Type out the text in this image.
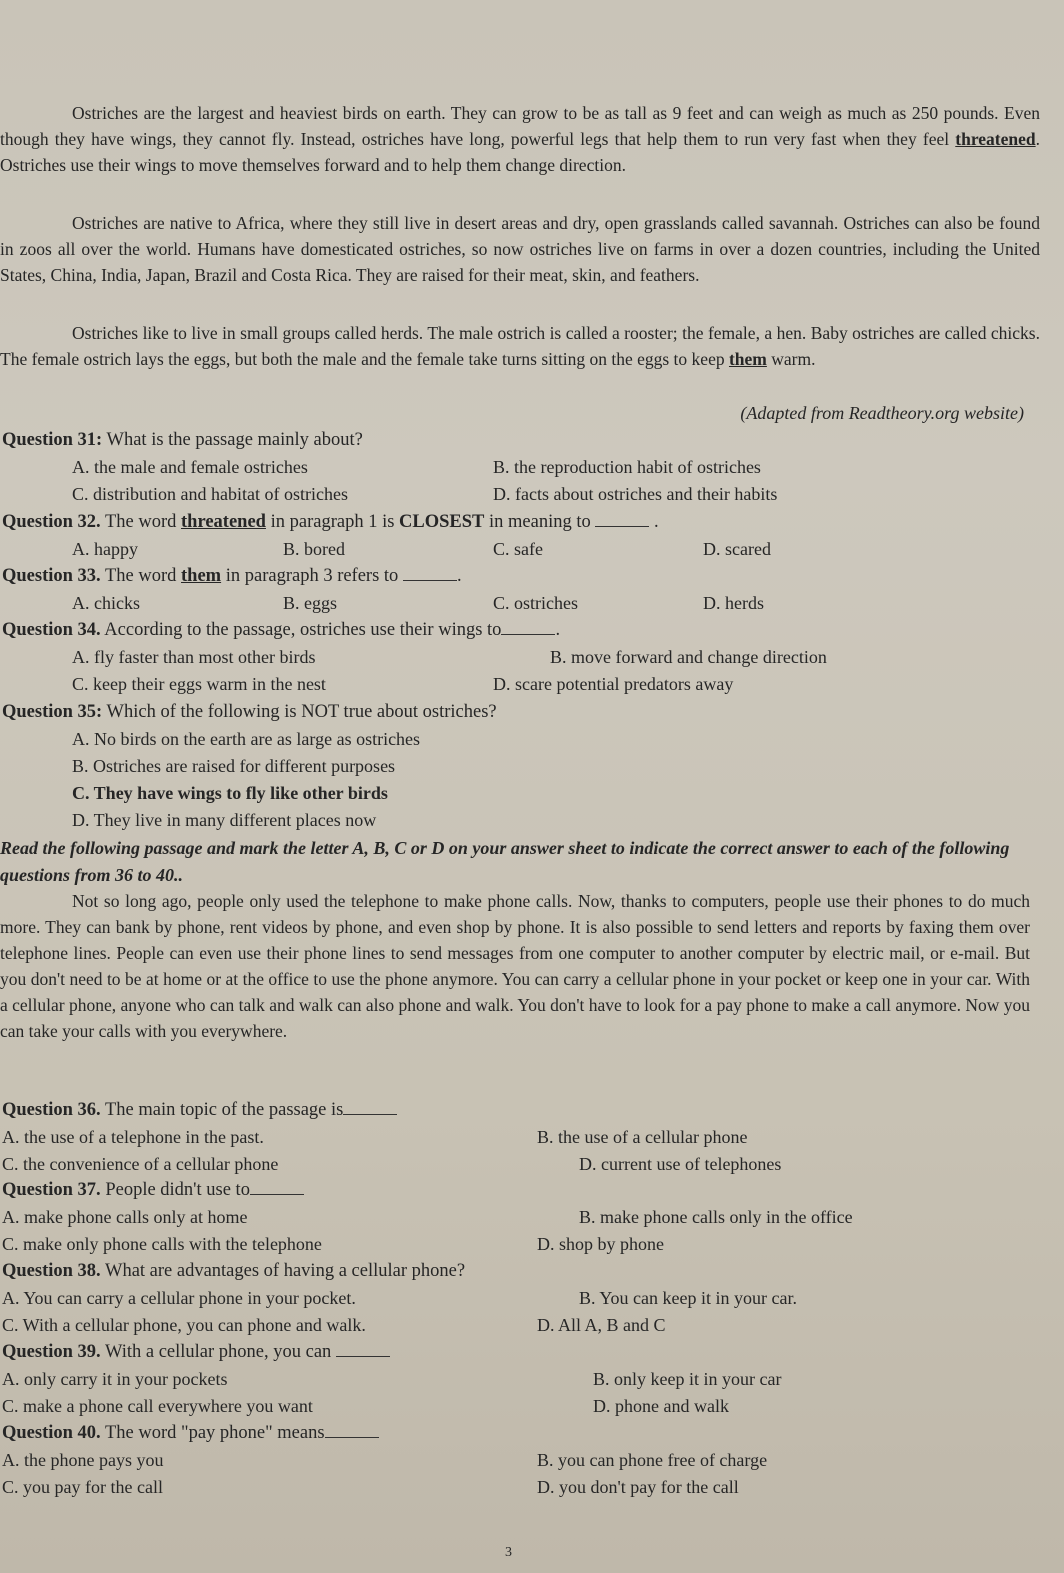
Ostriches are the largest and heaviest birds on earth. They can grow to be as tall as 9 feet and can weigh as much as 250 pounds. Even though they have wings, they cannot fly. Instead, ostriches have long, powerful legs that help them to run very fast when they feel threatened. Ostriches use their wings to move themselves forward and to help them change direction.
Ostriches are native to Africa, where they still live in desert areas and dry, open grasslands called savannah. Ostriches can also be found in zoos all over the world. Humans have domesticated ostriches, so now ostriches live on farms in over a dozen countries, including the United States, China, India, Japan, Brazil and Costa Rica. They are raised for their meat, skin, and feathers.
Ostriches like to live in small groups called herds. The male ostrich is called a rooster; the female, a hen. Baby ostriches are called chicks. The female ostrich lays the eggs, but both the male and the female take turns sitting on the eggs to keep them warm.
(Adapted from Readtheory.org website)
Question 31: What is the passage mainly about?
A. the male and female ostriches	B. the reproduction habit of ostriches
C. distribution and habitat of ostriches	D. facts about ostriches and their habits
Question 32. The word threatened in paragraph 1 is CLOSEST in meaning to	.
A. happy	B. bored	C. safe	D. scared
Question 33. The word them in paragraph 3 refers to	.
A. chicks	B. eggs	C. ostriches	D. herds
Question 34. According to the passage, ostriches use their wings to	.
A. fly faster than most other birds	B. move forward and change direction
C. keep their eggs warm in the nest	D. scare potential predators away
Question 35: Which of the following is NOT true about ostriches?
A. No birds on the earth are as large as ostriches
B. Ostriches are raised for different purposes
C. They have wings to fly like other birds
D. They live in many different places now
Read the following passage and mark the letter A, B, C or D on your answer sheet to indicate the correct answer to each of the following questions from 36 to 40..
Not so long ago, people only used the telephone to make phone calls. Now, thanks to computers, people use their phones to do much more. They can bank by phone, rent videos by phone, and even shop by phone. It is also possible to send letters and reports by faxing them over telephone lines. People can even use their phone lines to send messages from one computer to another computer by electric mail, or e-mail. But you don't need to be at home or at the office to use the phone anymore. You can carry a cellular phone in your pocket or keep one in your car. With a cellular phone, anyone who can talk and walk can also phone and walk. You don't have to look for a pay phone to make a call anymore. Now you can take your calls with you everywhere.
Question 36. The main topic of the passage is
A. the use of a telephone in the past.	B. the use of a cellular phone
C. the convenience of a cellular phone	D. current use of telephones
Question 37. People didn't use to
A. make phone calls only at home	B. make phone calls only in the office
C. make only phone calls with the telephone	D. shop by phone
Question 38. What are advantages of having a cellular phone?
A. You can carry a cellular phone in your pocket.	B. You can keep it in your car.
C. With a cellular phone, you can phone and walk.	D. All A, B and C
Question 39. With a cellular phone, you can
A. only carry it in your pockets	B. only keep it in your car
C. make a phone call everywhere you want	D. phone and walk
Question 40. The word "pay phone" means
A. the phone pays you	B. you can phone free of charge
C. you pay for the call	D. you don't pay for the call
3
